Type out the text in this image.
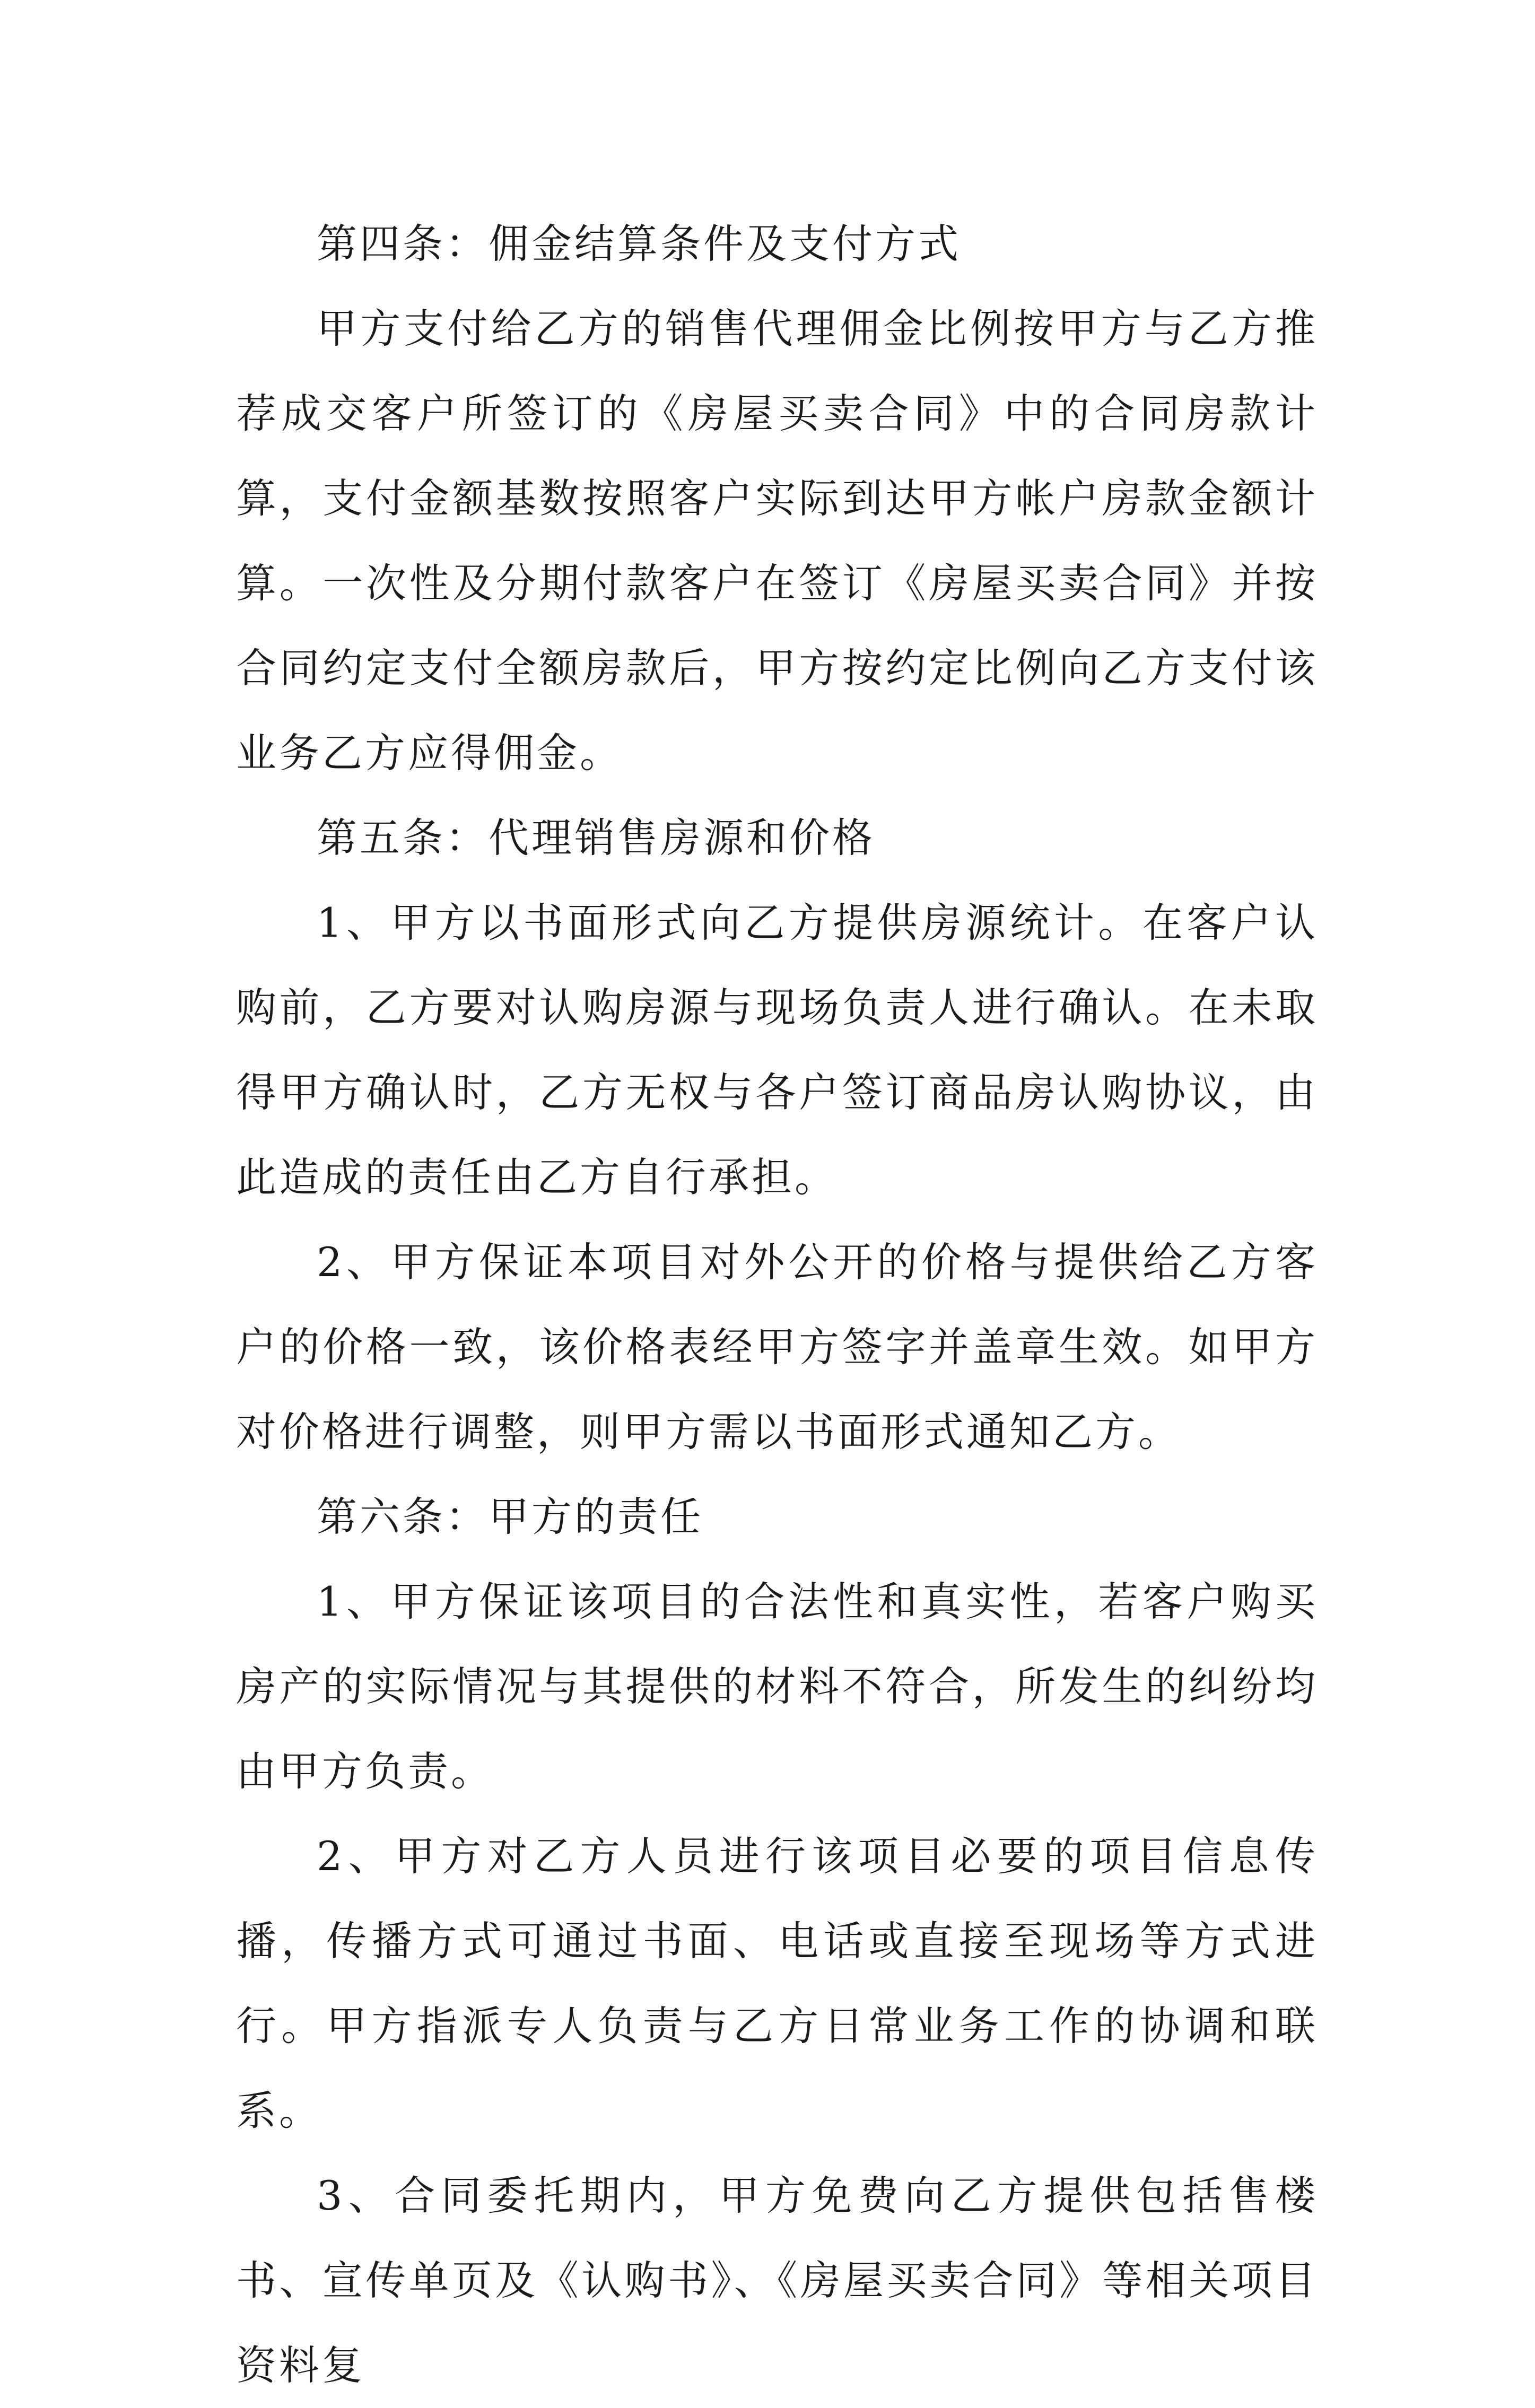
第四条：佣金结算条件及支付方式

甲方支付给乙方的销售代理佣金比例按甲方与乙方推荐成交客户所签订的《房屋买卖合同》中的合同房款计算，支付金额基数按照客户实际到达甲方帐户房款金额计算。一次性及分期付款客户在签订《房屋买卖合同》并按合同约定支付全额房款后，甲方按约定比例向乙方支付该业务乙方应得佣金。

第五条：代理销售房源和价格

1、甲方以书面形式向乙方提供房源统计。在客户认购前，乙方要对认购房源与现场负责人进行确认。在未取得甲方确认时，乙方无权与各户签订商品房认购协议，由此造成的责任由乙方自行承担。

2、甲方保证本项目对外公开的价格与提供给乙方客户的价格一致，该价格表经甲方签字并盖章生效。如甲方对价格进行调整，则甲方需以书面形式通知乙方。

第六条：甲方的责任

1、甲方保证该项目的合法性和真实性，若客户购买房产的实际情况与其提供的材料不符合，所发生的纠纷均由甲方负责。

2、甲方对乙方人员进行该项目必要的项目信息传播，传播方式可通过书面、电话或直接至现场等方式进行。甲方指派专人负责与乙方日常业务工作的协调和联系。

3、合同委托期内，甲方免费向乙方提供包括售楼书、宣传单页及《认购书》、《房屋买卖合同》等相关项目资料复
